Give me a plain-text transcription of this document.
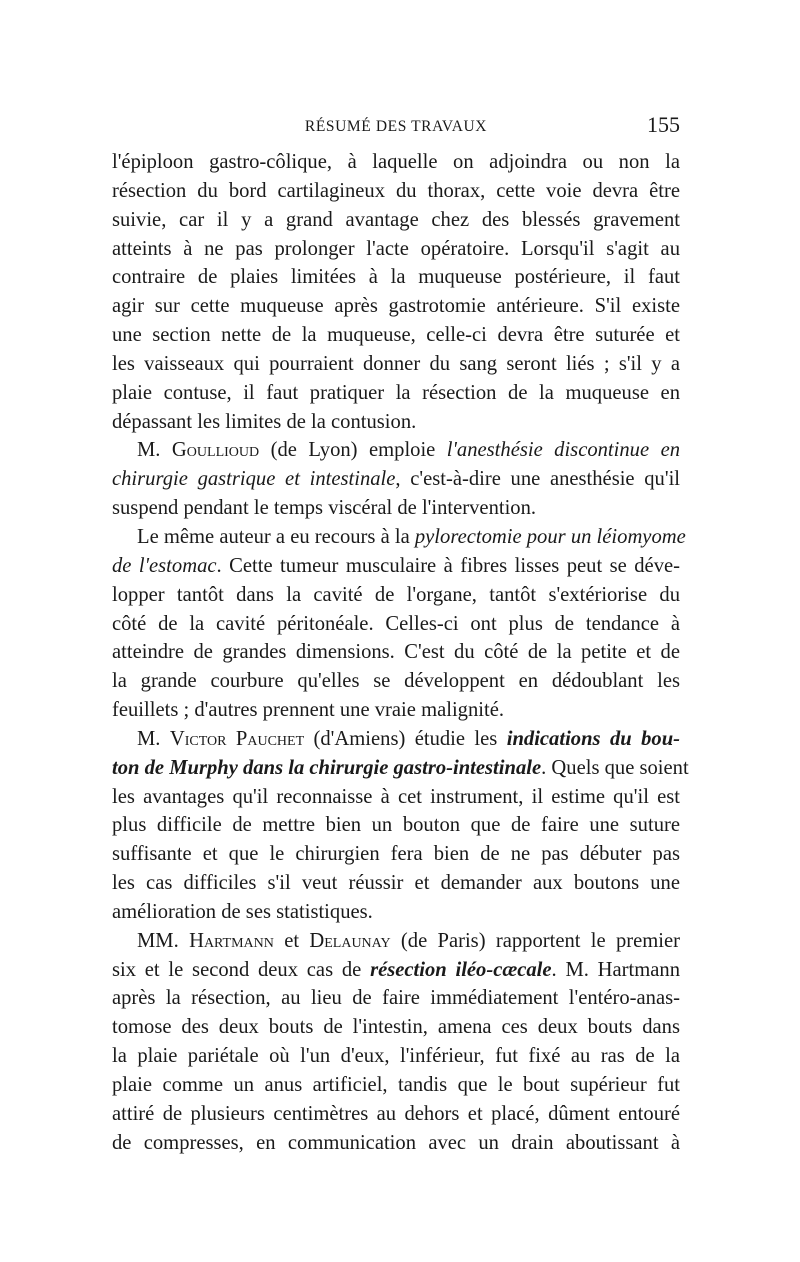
RÉSUMÉ DES TRAVAUX	155
l'épiploon gastro-côlique, à laquelle on adjoindra ou non la
résection du bord cartilagineux du thorax, cette voie devra être
suivie, car il y a grand avantage chez des blessés gravement
atteints à ne pas prolonger l'acte opératoire. Lorsqu'il s'agit au
contraire de plaies limitées à la muqueuse postérieure, il faut
agir sur cette muqueuse après gastrotomie antérieure. S'il existe
une section nette de la muqueuse, celle-ci devra être suturée et
les vaisseaux qui pourraient donner du sang seront liés ; s'il y a
plaie contuse, il faut pratiquer la résection de la muqueuse en
dépassant les limites de la contusion.
M. Goullioud (de Lyon) emploie l'anesthésie discontinue en
chirurgie gastrique et intestinale, c'est-à-dire une anesthésie qu'il
suspend pendant le temps viscéral de l'intervention.
Le même auteur a eu recours à la pylorectomie pour un léiomyome
de l'estomac. Cette tumeur musculaire à fibres lisses peut se déve-
lopper tantôt dans la cavité de l'organe, tantôt s'extériorise du
côté de la cavité péritonéale. Celles-ci ont plus de tendance à
atteindre de grandes dimensions. C'est du côté de la petite et de
la grande courbure qu'elles se développent en dédoublant les
feuillets ; d'autres prennent une vraie malignité.
M. Victor Pauchet (d'Amiens) étudie les indications du bou-
ton de Murphy dans la chirurgie gastro-intestinale. Quels que soient
les avantages qu'il reconnaisse à cet instrument, il estime qu'il est
plus difficile de mettre bien un bouton que de faire une suture
suffisante et que le chirurgien fera bien de ne pas débuter pas
les cas difficiles s'il veut réussir et demander aux boutons une
amélioration de ses statistiques.
MM. Hartmann et Delaunay (de Paris) rapportent le premier
six et le second deux cas de résection iléo-cæcale. M. Hartmann
après la résection, au lieu de faire immédiatement l'entéro-anas-
tomose des deux bouts de l'intestin, amena ces deux bouts dans
la plaie pariétale où l'un d'eux, l'inférieur, fut fixé au ras de la
plaie comme un anus artificiel, tandis que le bout supérieur fut
attiré de plusieurs centimètres au dehors et placé, dûment entouré
de compresses, en communication avec un drain aboutissant à
